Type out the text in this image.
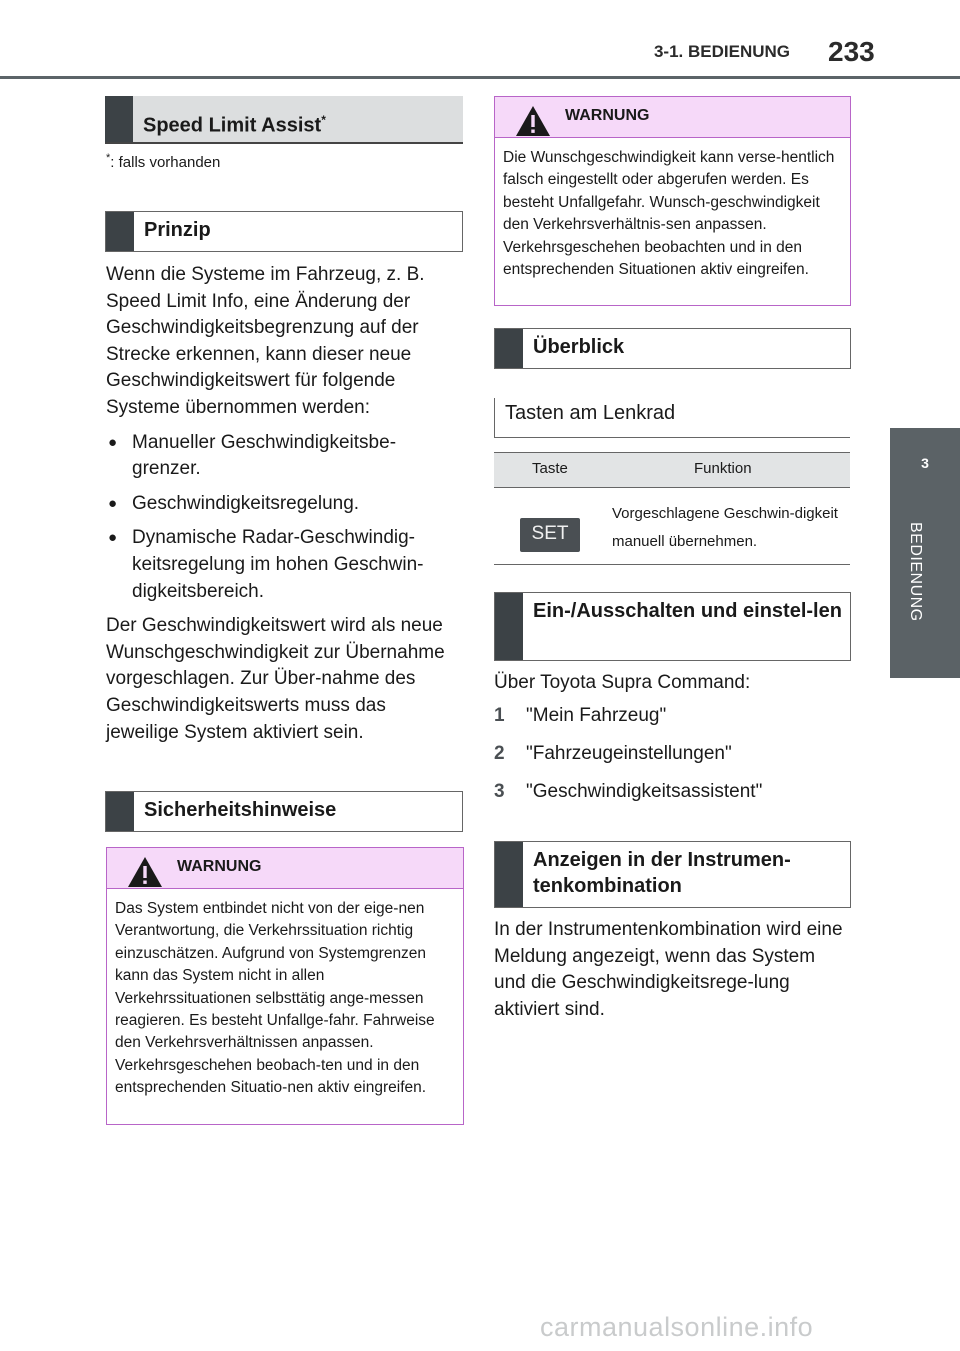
3-1. BEDIENUNG 233
3
BEDIENUNG
Speed Limit Assist*
*: falls vorhanden
Prinzip

Wenn die Systeme im Fahrzeug, z. B. Speed Limit Info, eine Änderung der Geschwindigkeitsbegrenzung auf der Strecke erkennen, kann dieser neue Geschwindigkeitswert für folgende Systeme übernommen werden:

● Manueller Geschwindigkeitsbe-grenzer.
● Geschwindigkeitsregelung.
● Dynamische Radar-Geschwindig-keitsregelung im hohen Geschwin-digkeitsbereich.

Der Geschwindigkeitswert wird als neue Wunschgeschwindigkeit zur Übernahme vorgeschlagen. Zur Über-nahme des Geschwindigkeitswerts muss das jeweilige System aktiviert sein.

Sicherheitshinweise
WARNUNG
Das System entbindet nicht von der eige-nen Verantwortung, die Verkehrssituation richtig einzuschätzen. Aufgrund von Systemgrenzen kann das System nicht in allen Verkehrssituationen selbsttätig ange-messen reagieren. Es besteht Unfallge-fahr. Fahrweise den Verkehrsverhältnissen anpassen. Verkehrsgeschehen beobach-ten und in den entsprechenden Situatio-nen aktiv eingreifen.
WARNUNG
Die Wunschgeschwindigkeit kann verse-hentlich falsch eingestellt oder abgerufen werden. Es besteht Unfallgefahr. Wunsch-geschwindigkeit den Verkehrsverhältnis-sen anpassen. Verkehrsgeschehen beobachten und in den entsprechenden Situationen aktiv eingreifen.
Überblick
Tasten am Lenkrad
Taste	Funktion
SET
Vorgeschlagene Geschwin-digkeit manuell übernehmen.
Ein-/Ausschalten und einstel-len
Über Toyota Supra Command:
1 "Mein Fahrzeug"
2 "Fahrzeugeinstellungen"
3 "Geschwindigkeitsassistent"
Anzeigen in der Instrumen-tenkombination
In der Instrumentenkombination wird eine Meldung angezeigt, wenn das System und die Geschwindigkeitsrege-lung aktiviert sind.
carmanualsonline.info
